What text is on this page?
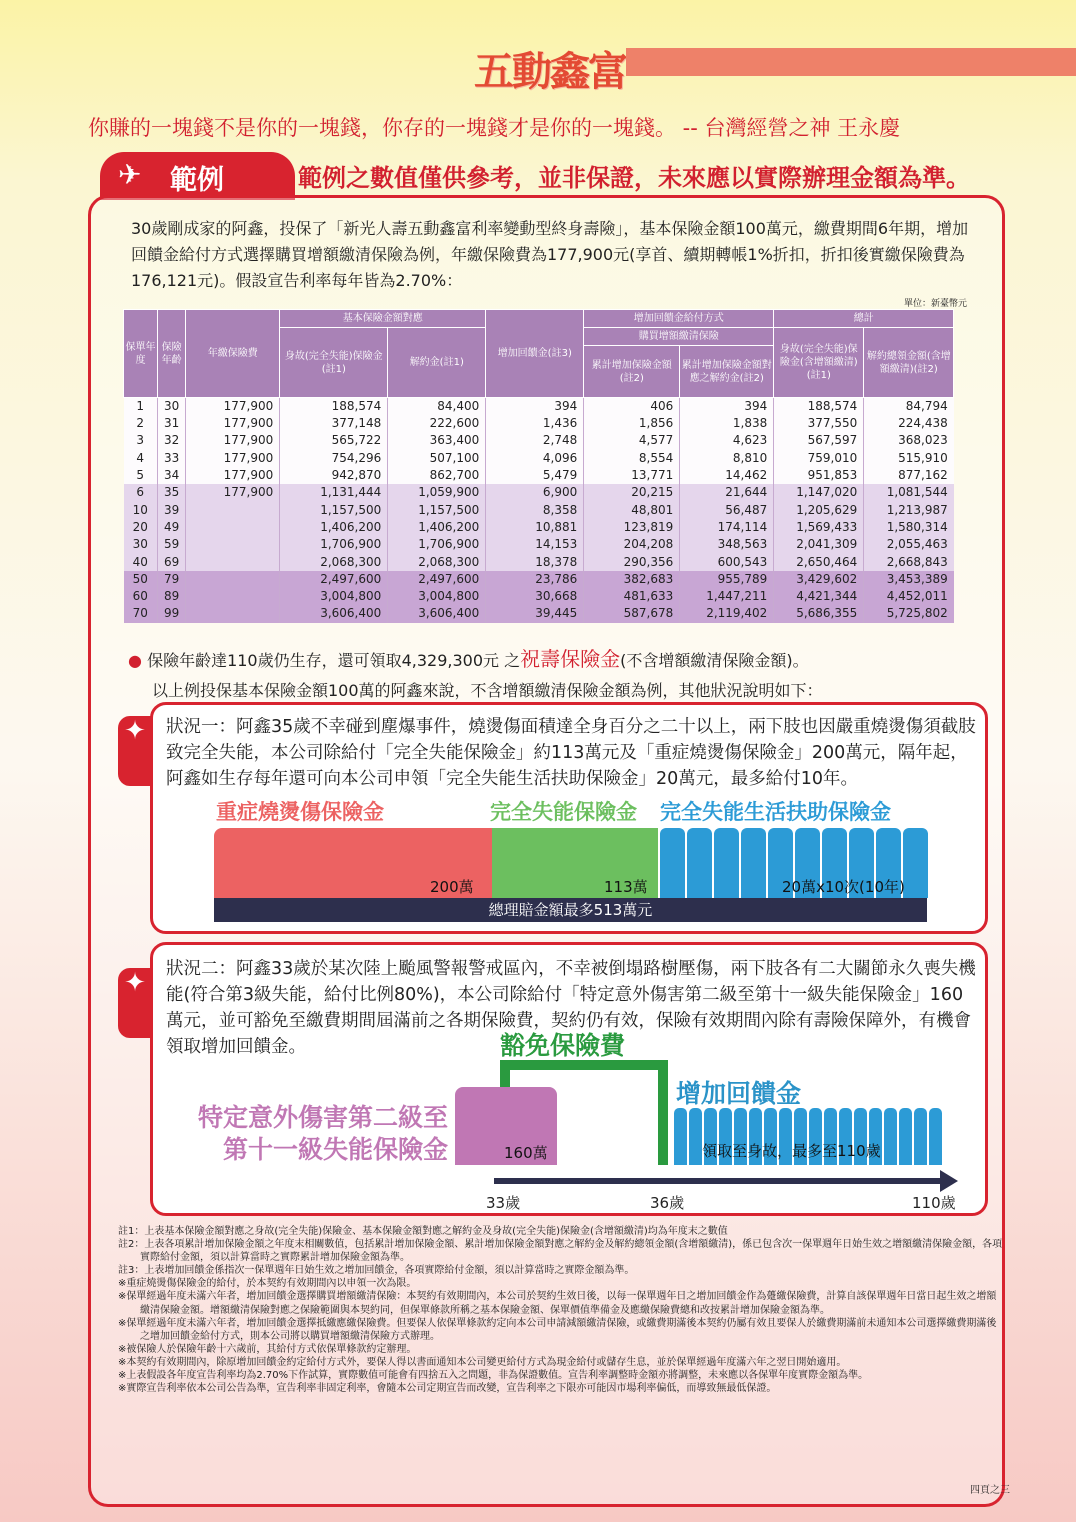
五動鑫富
你賺的一塊錢不是你的一塊錢，你存的一塊錢才是你的一塊錢。 -- 台灣經營之神 王永慶
✈ 範例	範例之數值僅供參考，並非保證，未來應以實際辦理金額為準。
30歲剛成家的阿鑫，投保了「新光人壽五動鑫富利率變動型終身壽險」，基本保險金額100萬元，繳費期間6年期，增加回饋金給付方式選擇購買增額繳清保險為例，年繳保險費為177,900元(享首、續期轉帳1%折扣，折扣後實繳保險費為176,121元)。假設宣告利率每年皆為2.70%：
單位：新臺幣元
保單年度	保險年齡	年繳保險費	基本保險金額對應		增加回饋金(註3)	增加回饋金給付方式		總計	
			身故(完全失能)保險金(註1)	解約金(註1)		購買增額繳清保險		身故(完全失能)保險金(含增額繳清)(註1)	解約總領金額(含增額繳清)(註2)
						累計增加保險金額(註2)	累計增加保險金額對應之解約金(註2)		
1	30	177,900	188,574	84,400	394	406	394	188,574	84,794
2	31	177,900	377,148	222,600	1,436	1,856	1,838	377,550	224,438
3	32	177,900	565,722	363,400	2,748	4,577	4,623	567,597	368,023
4	33	177,900	754,296	507,100	4,096	8,554	8,810	759,010	515,910
5	34	177,900	942,870	862,700	5,479	13,771	14,462	951,853	877,162
6	35	177,900	1,131,444	1,059,900	6,900	20,215	21,644	1,147,020	1,081,544
10	39		1,157,500	1,157,500	8,358	48,801	56,487	1,205,629	1,213,987
20	49		1,406,200	1,406,200	10,881	123,819	174,114	1,569,433	1,580,314
30	59		1,706,900	1,706,900	14,153	204,208	348,563	2,041,309	2,055,463
40	69		2,068,300	2,068,300	18,378	290,356	600,543	2,650,464	2,668,843
50	79		2,497,600	2,497,600	23,786	382,683	955,789	3,429,602	3,453,389
60	89		3,004,800	3,004,800	30,668	481,633	1,447,211	4,421,344	4,452,011
70	99		3,606,400	3,606,400	39,445	587,678	2,119,402	5,686,355	5,725,802
● 保險年齡達110歲仍生存，還可領取4,329,300元 之祝壽保險金(不含增額繳清保險金額)。
以上例投保基本保險金額100萬的阿鑫來說，不含增額繳清保險金額為例，其他狀況說明如下：
✦	狀況一：阿鑫35歲不幸碰到塵爆事件，燒燙傷面積達全身百分之二十以上，兩下肢也因嚴重燒燙傷須截肢致完全失能，本公司除給付「完全失能保險金」約113萬元及「重症燒燙傷保險金」200萬元，隔年起，阿鑫如生存每年還可向本公司申領「完全失能生活扶助保險金」20萬元，最多給付10年。
重症燒燙傷保險金	完全失能保險金 完全失能生活扶助保險金
200萬	113萬	20萬x10次(10年)
總理賠金額最多513萬元
✦	狀況二：阿鑫33歲於某次陸上颱風警報警戒區內，不幸被倒塌路樹壓傷，兩下肢各有二大關節永久喪失機能(符合第3級失能，給付比例80%)，本公司除給付「特定意外傷害第二級至第十一級失能保險金」160萬元，並可豁免至繳費期間屆滿前之各期保險費，契約仍有效，保險有效期間內除有壽險保障外，有機會領取增加回饋金。	豁免保險費
特定意外傷害第二級至
第十一級失能保險金	160萬
增加回饋金
領取至身故，最多至110歲
33歲	36歲	110歲

註1：上表基本保險金額對應之身故(完全失能)保險金、基本保險金額對應之解約金及身故(完全失能)保險金(含增額繳清)均為年度末之數值

註2：上表各項累計增加保險金額之年度末相關數值，包括累計增加保險金額、累計增加保險金額對應之解約金及解約總領金額(含增額繳清)，係已包含次一保單週年日始生效之增額繳清保險金額，各項實際給付金額，須以計算當時之實際累計增加保險金額為準。

註3：上表增加回饋金係指次一保單週年日始生效之增加回饋金，各項實際給付金額，須以計算當時之實際金額為準。

※重症燒燙傷保險金的給付，於本契約有效期間內以申領一次為限。

※保單經過年度未滿六年者，增加回饋金選擇購買增額繳清保險：本契約有效期間內，本公司於契約生效日後，以每一保單週年日之增加回饋金作為躉繳保險費，計算自該保單週年日當日起生效之增額繳清保險金額。增額繳清保險對應之保險範圍與本契約同，但保單條款所稱之基本保險金額、保單價值準備金及應繳保險費總和改按累計增加保險金額為準。

※保單經過年度未滿六年者，增加回饋金選擇抵繳應繳保險費。但要保人依保單條款約定向本公司申請減額繳清保險，或繳費期滿後本契約仍屬有效且要保人於繳費期滿前未通知本公司選擇繳費期滿後之增加回饋金給付方式，則本公司將以購買增額繳清保險方式辦理。

※被保險人於保險年齡十六歲前，其給付方式依保單條款約定辦理。

※本契約有效期間內，除原增加回饋金約定給付方式外，要保人得以書面通知本公司變更給付方式為現金給付或儲存生息，並於保單經過年度滿六年之翌日開始適用。

※上表假設各年度宣告利率均為2.70%下作試算，實際數值可能會有四捨五入之問題，非為保證數值。宣告利率調整時金額亦將調整，未來應以各保單年度實際金額為準。

※實際宣告利率依本公司公告為準，宣告利率非固定利率，會隨本公司定期宣告而改變，宣告利率之下限亦可能因市場利率偏低，而導致無最低保證。

四頁之三
